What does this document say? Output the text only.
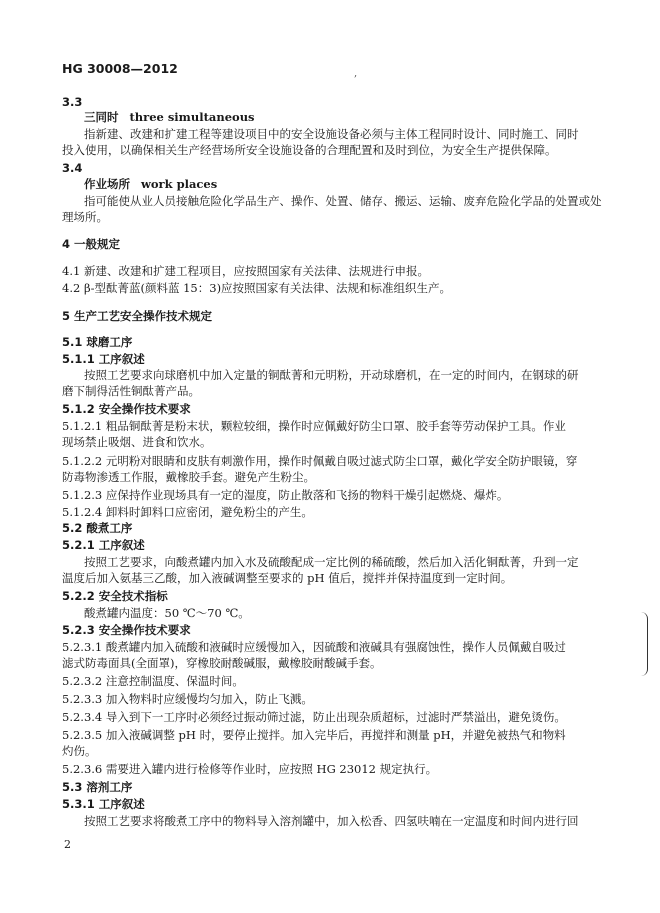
HG 30008—2012	,
3.3
三同时 three simultaneous
指新建、改建和扩建工程等建设项目中的安全设施设备必须与主体工程同时设计、同时施工、同时
投入使用，以确保相关生产经营场所安全设施设备的合理配置和及时到位，为安全生产提供保障。
3.4
作业场所 work places
指可能使从业人员接触危险化学品生产、操作、处置、储存、搬运、运输、废弃危险化学品的处置或处
理场所。
4 一般规定
4.1 新建、改建和扩建工程项目，应按照国家有关法律、法规进行申报。
4.2 β-型酞菁蓝(颜料蓝 15：3)应按照国家有关法律、法规和标准组织生产。
5 生产工艺安全操作技术规定
5.1 球磨工序
5.1.1 工序叙述
按照工艺要求向球磨机中加入定量的铜酞菁和元明粉，开动球磨机，在一定的时间内，在钢球的研
磨下制得活性铜酞菁产品。
5.1.2 安全操作技术要求
5.1.2.1 粗品铜酞菁是粉末状，颗粒较细，操作时应佩戴好防尘口罩、胶手套等劳动保护工具。作业
现场禁止吸烟、进食和饮水。
5.1.2.2 元明粉对眼睛和皮肤有刺激作用，操作时佩戴自吸过滤式防尘口罩，戴化学安全防护眼镜，穿
防毒物渗透工作服，戴橡胶手套。避免产生粉尘。
5.1.2.3 应保持作业现场具有一定的湿度，防止散落和飞扬的物料干燥引起燃烧、爆炸。
5.1.2.4 卸料时卸料口应密闭，避免粉尘的产生。
5.2 酸煮工序
5.2.1 工序叙述
按照工艺要求，向酸煮罐内加入水及硫酸配成一定比例的稀硫酸，然后加入活化铜酞菁，升到一定
温度后加入氨基三乙酸，加入液碱调整至要求的 pH 值后，搅拌并保持温度到一定时间。
5.2.2 安全技术指标
酸煮罐内温度：50 ℃～70 ℃。
5.2.3 安全操作技术要求
5.2.3.1 酸煮罐内加入硫酸和液碱时应缓慢加入，因硫酸和液碱具有强腐蚀性，操作人员佩戴自吸过
滤式防毒面具(全面罩)，穿橡胶耐酸碱服，戴橡胶耐酸碱手套。
5.2.3.2 注意控制温度、保温时间。
5.2.3.3 加入物料时应缓慢均匀加入，防止飞溅。
5.2.3.4 导入到下一工序时必须经过振动筛过滤，防止出现杂质超标，过滤时严禁溢出，避免烫伤。
5.2.3.5 加入液碱调整 pH 时，要停止搅拌。加入完毕后，再搅拌和测量 pH，并避免被热气和物料
灼伤。
5.2.3.6 需要进入罐内进行检修等作业时，应按照 HG 23012 规定执行。
5.3 溶剂工序
5.3.1 工序叙述
按照工艺要求将酸煮工序中的物料导入溶剂罐中，加入松香、四氢呋喃在一定温度和时间内进行回
2
